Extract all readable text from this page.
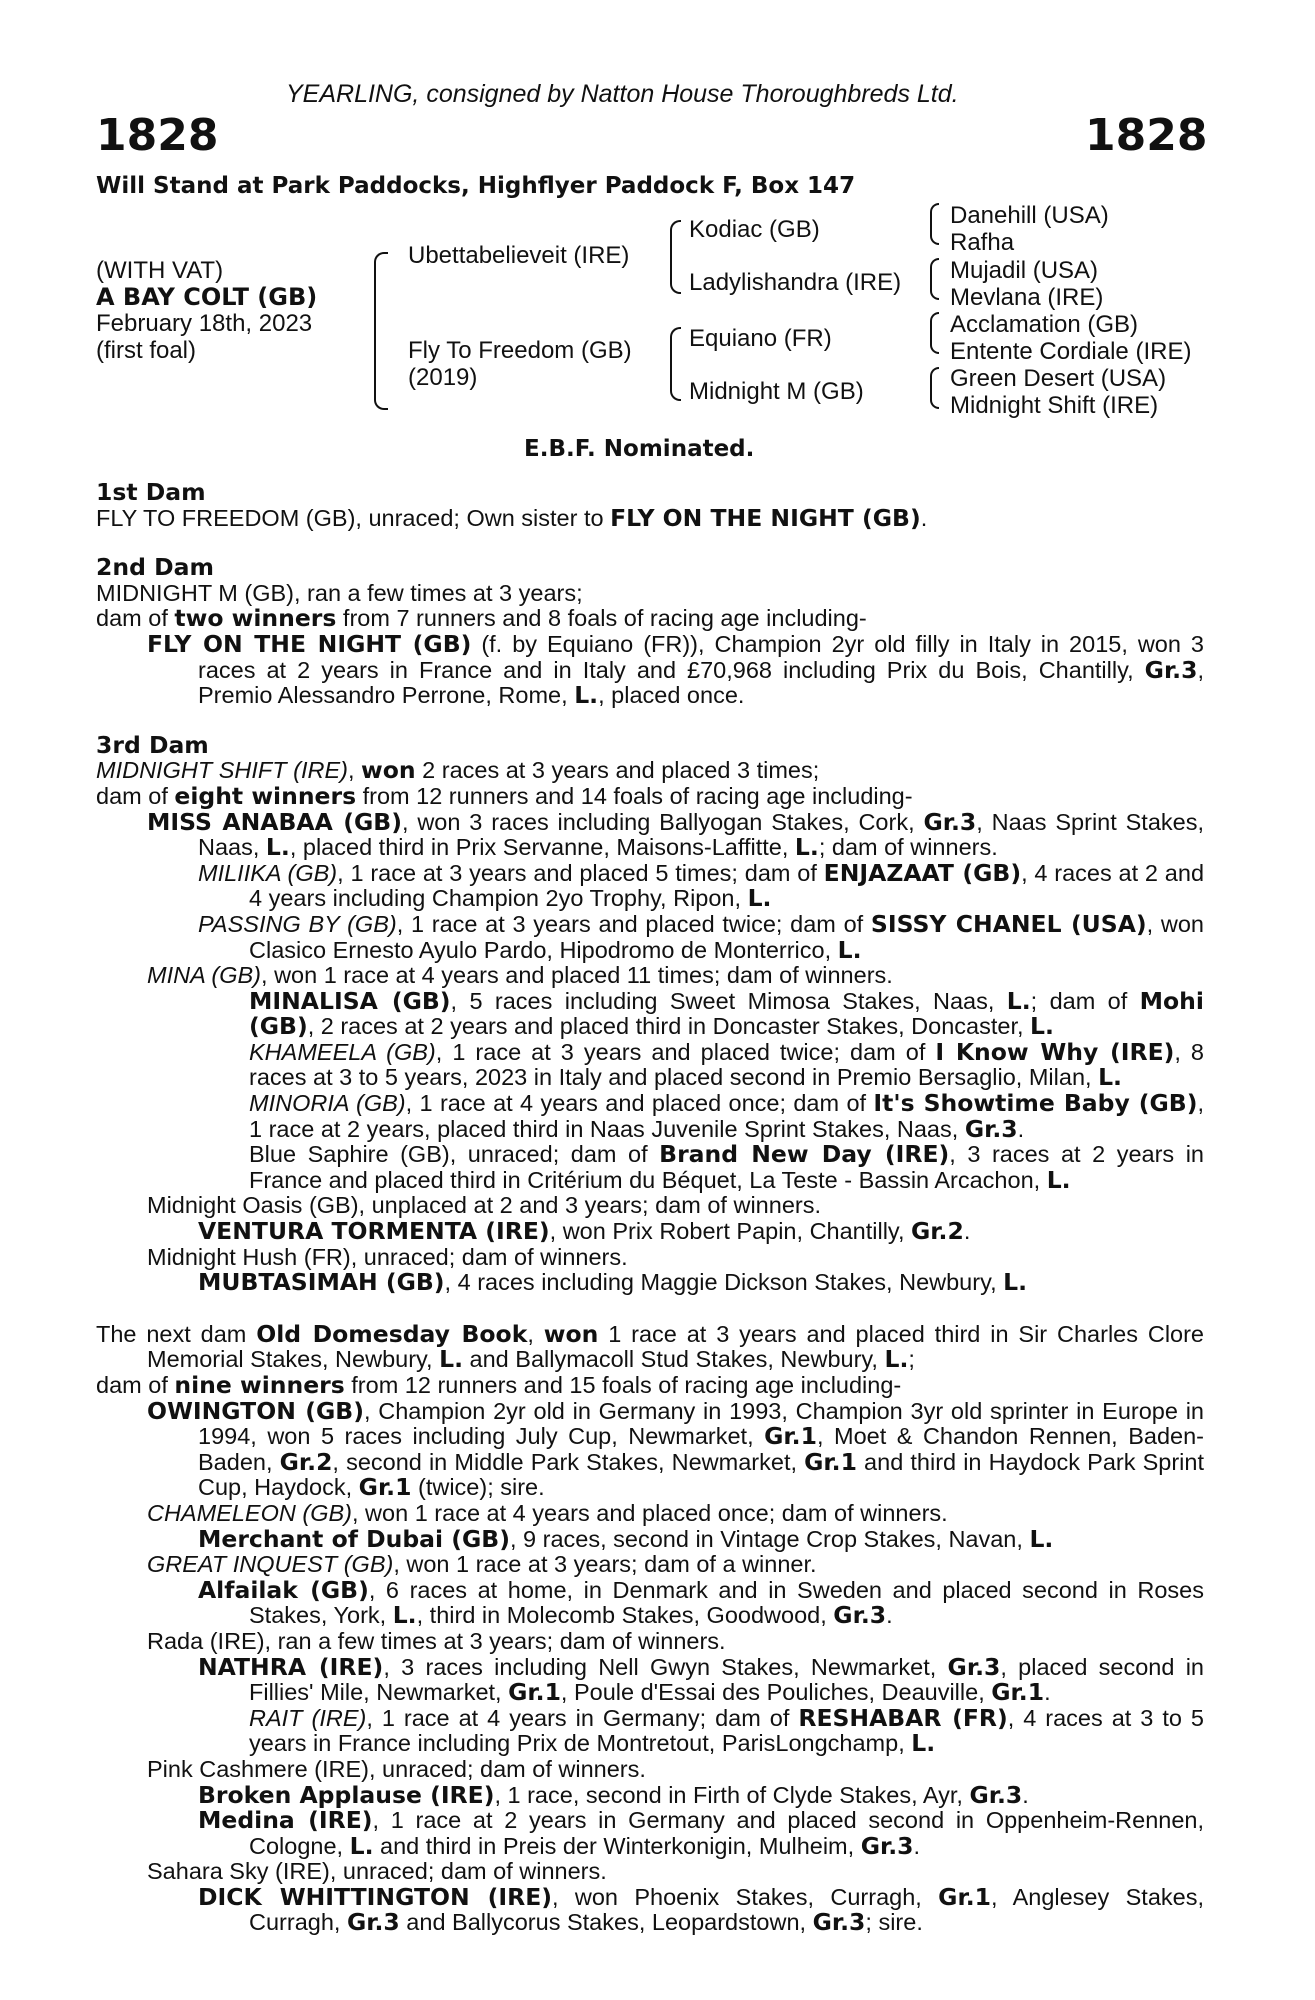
YEARLING, consigned by Natton House Thoroughbreds Ltd.
1828	1828
Will Stand at Park Paddocks, Highflyer Paddock F, Box 147
(WITH VAT)
A BAY COLT (GB)
February 18th, 2023
(first foal)
Ubettabelieveit (IRE)
Fly To Freedom (GB)
(2019)
Kodiac (GB)
Ladylishandra (IRE)
Equiano (FR)
Midnight M (GB)
Danehill (USA)
Rafha
Mujadil (USA)
Mevlana (IRE)
Acclamation (GB)
Entente Cordiale (IRE)
Green Desert (USA)
Midnight Shift (IRE)
E.B.F. Nominated.
1st Dam
FLY TO FREEDOM (GB), unraced; Own sister to FLY ON THE NIGHT (GB).
2nd Dam
MIDNIGHT M (GB), ran a few times at 3 years;
dam of two winners from 7 runners and 8 foals of racing age including-
FLY ON THE NIGHT (GB) (f. by Equiano (FR)), Champion 2yr old filly in Italy in 2015, won 3 races at 2 years in France and in Italy and £70,968 including Prix du Bois, Chantilly, Gr.3, Premio Alessandro Perrone, Rome, L., placed once.
3rd Dam
MIDNIGHT SHIFT (IRE), won 2 races at 3 years and placed 3 times;
dam of eight winners from 12 runners and 14 foals of racing age including-
MISS ANABAA (GB), won 3 races including Ballyogan Stakes, Cork, Gr.3, Naas Sprint Stakes, Naas, L., placed third in Prix Servanne, Maisons-Laffitte, L.; dam of winners.
MILIIKA (GB), 1 race at 3 years and placed 5 times; dam of ENJAZAAT (GB), 4 races at 2 and 4 years including Champion 2yo Trophy, Ripon, L.
PASSING BY (GB), 1 race at 3 years and placed twice; dam of SISSY CHANEL (USA), won Clasico Ernesto Ayulo Pardo, Hipodromo de Monterrico, L.
MINA (GB), won 1 race at 4 years and placed 11 times; dam of winners.
MINALISA (GB), 5 races including Sweet Mimosa Stakes, Naas, L.; dam of Mohi (GB), 2 races at 2 years and placed third in Doncaster Stakes, Doncaster, L.
KHAMEELA (GB), 1 race at 3 years and placed twice; dam of I Know Why (IRE), 8 races at 3 to 5 years, 2023 in Italy and placed second in Premio Bersaglio, Milan, L.
MINORIA (GB), 1 race at 4 years and placed once; dam of It's Showtime Baby (GB), 1 race at 2 years, placed third in Naas Juvenile Sprint Stakes, Naas, Gr.3.
Blue Saphire (GB), unraced; dam of Brand New Day (IRE), 3 races at 2 years in France and placed third in Critérium du Béquet, La Teste - Bassin Arcachon, L.
Midnight Oasis (GB), unplaced at 2 and 3 years; dam of winners.
VENTURA TORMENTA (IRE), won Prix Robert Papin, Chantilly, Gr.2.
Midnight Hush (FR), unraced; dam of winners.
MUBTASIMAH (GB), 4 races including Maggie Dickson Stakes, Newbury, L.
The next dam Old Domesday Book, won 1 race at 3 years and placed third in Sir Charles Clore Memorial Stakes, Newbury, L. and Ballymacoll Stud Stakes, Newbury, L.;
dam of nine winners from 12 runners and 15 foals of racing age including-
OWINGTON (GB), Champion 2yr old in Germany in 1993, Champion 3yr old sprinter in Europe in 1994, won 5 races including July Cup, Newmarket, Gr.1, Moet & Chandon Rennen, Baden-Baden, Gr.2, second in Middle Park Stakes, Newmarket, Gr.1 and third in Haydock Park Sprint Cup, Haydock, Gr.1 (twice); sire.
CHAMELEON (GB), won 1 race at 4 years and placed once; dam of winners.
Merchant of Dubai (GB), 9 races, second in Vintage Crop Stakes, Navan, L.
GREAT INQUEST (GB), won 1 race at 3 years; dam of a winner.
Alfailak (GB), 6 races at home, in Denmark and in Sweden and placed second in Roses Stakes, York, L., third in Molecomb Stakes, Goodwood, Gr.3.
Rada (IRE), ran a few times at 3 years; dam of winners.
NATHRA (IRE), 3 races including Nell Gwyn Stakes, Newmarket, Gr.3, placed second in Fillies' Mile, Newmarket, Gr.1, Poule d'Essai des Pouliches, Deauville, Gr.1.
RAIT (IRE), 1 race at 4 years in Germany; dam of RESHABAR (FR), 4 races at 3 to 5 years in France including Prix de Montretout, ParisLongchamp, L.
Pink Cashmere (IRE), unraced; dam of winners.
Broken Applause (IRE), 1 race, second in Firth of Clyde Stakes, Ayr, Gr.3.
Medina (IRE), 1 race at 2 years in Germany and placed second in Oppenheim-Rennen, Cologne, L. and third in Preis der Winterkonigin, Mulheim, Gr.3.
Sahara Sky (IRE), unraced; dam of winners.
DICK WHITTINGTON (IRE), won Phoenix Stakes, Curragh, Gr.1, Anglesey Stakes, Curragh, Gr.3 and Ballycorus Stakes, Leopardstown, Gr.3; sire.
